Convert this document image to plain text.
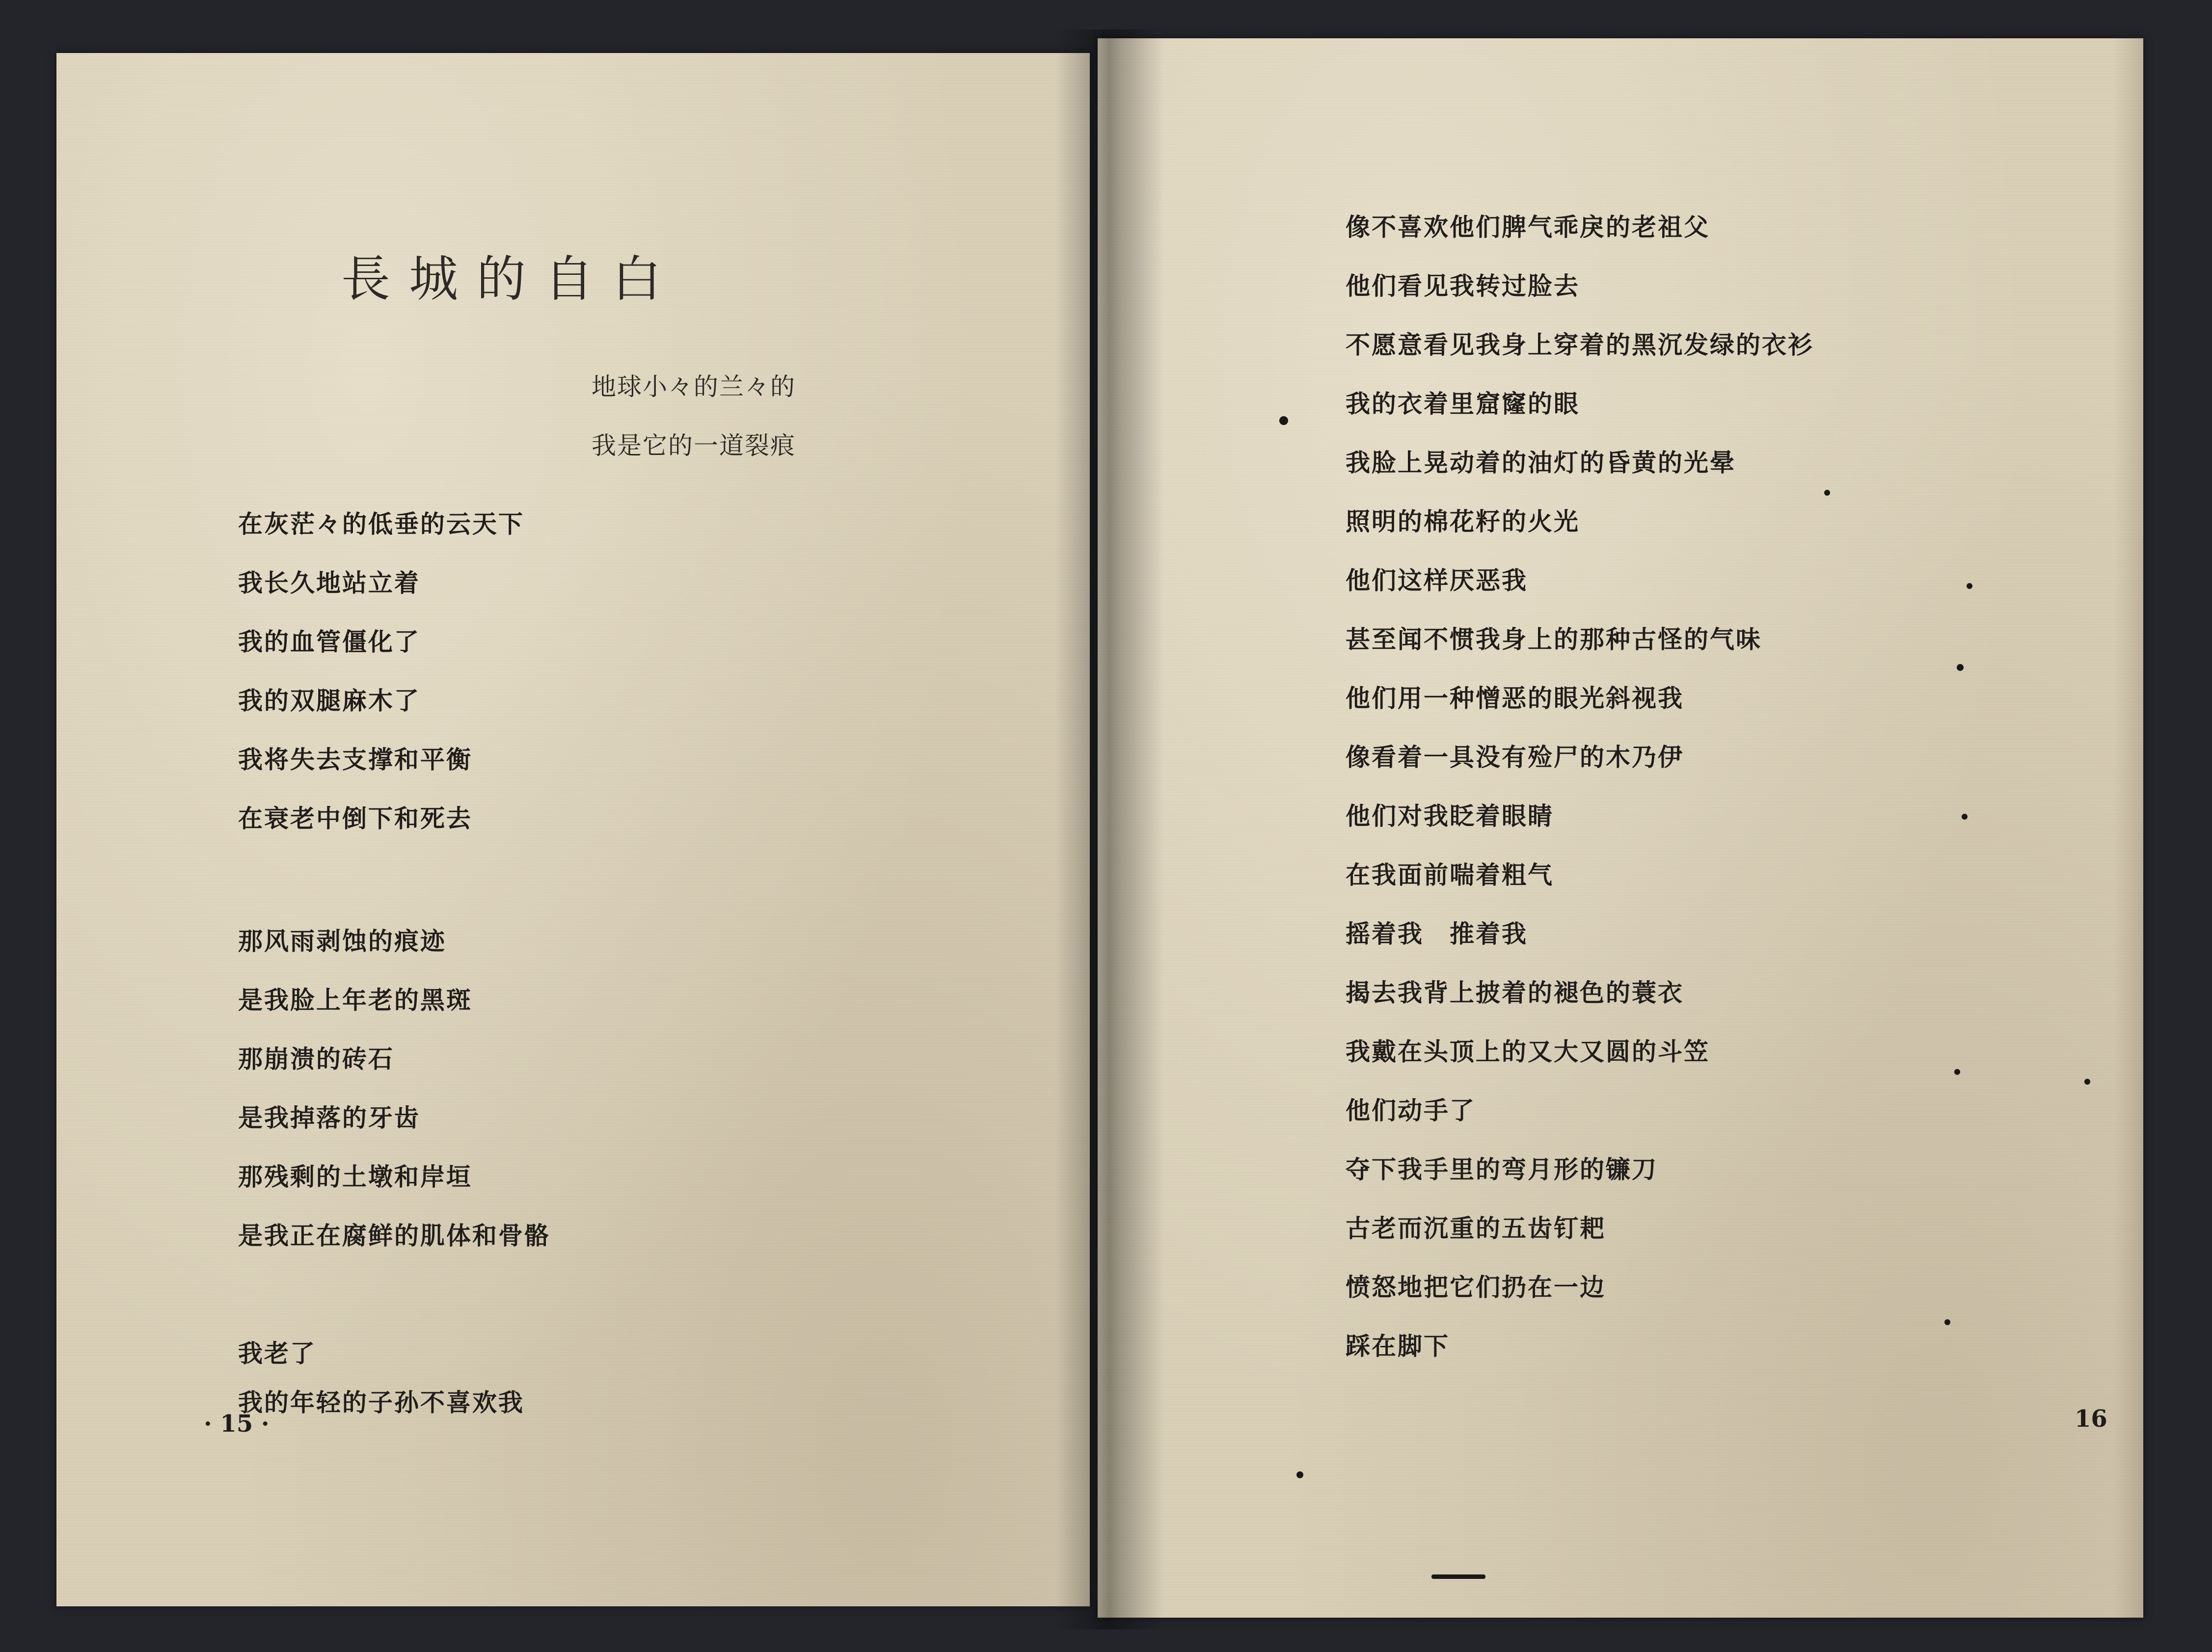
長城的自白
地球小々的兰々的
我是它的一道裂痕
在灰茫々的低垂的云天下
我长久地站立着
我的血管僵化了
我的双腿麻木了
我将失去支撑和平衡
在衰老中倒下和死去
那风雨剥蚀的痕迹
是我脸上年老的黑斑
那崩溃的砖石
是我掉落的牙齿
那残剩的土墩和岸垣
是我正在腐鲜的肌体和骨骼
我老了
我的年轻的子孙不喜欢我
· 15 ·
像不喜欢他们脾气乖戾的老祖父
他们看见我转过脸去
不愿意看见我身上穿着的黑沉发绿的衣衫
我的衣着里窟窿的眼
我脸上晃动着的油灯的昏黄的光晕
照明的棉花籽的火光
他们这样厌恶我
甚至闻不惯我身上的那种古怪的气味
他们用一种憎恶的眼光斜视我
像看着一具没有殓尸的木乃伊
他们对我眨着眼睛
在我面前喘着粗气
摇着我　推着我
揭去我背上披着的褪色的蓑衣
我戴在头顶上的又大又圆的斗笠
他们动手了
夺下我手里的弯月形的镰刀
古老而沉重的五齿钉耙
愤怒地把它们扔在一边
踩在脚下
16
